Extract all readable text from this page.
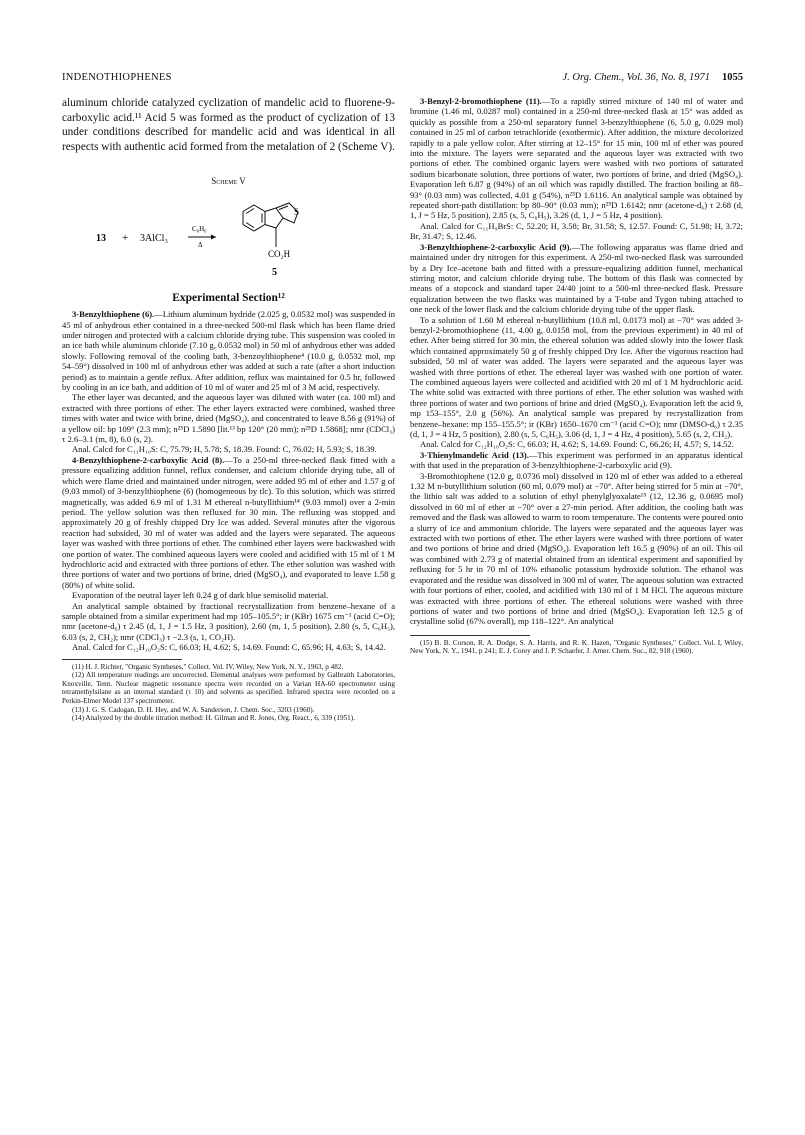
INDENOTHIOPHENES	J. Org. Chem., Vol. 36, No. 8, 1971 1055

aluminum chloride catalyzed cyclization of mandelic acid to fluorene-9-carboxylic acid.¹¹ Acid 5 was formed as the product of cyclization of 13 under conditions described for mandelic acid and was identical in all respects with authentic acid formed from the metalation of 2 (Scheme V).

Scheme V
13 + 3AlCl₃
C₆H₆
Δ
S
CO₂H
5
Experimental Section¹²

3-Benzylthiophene (6).—Lithium aluminum hydride (2.025 g, 0.0532 mol) was suspended in 45 ml of anhydrous ether contained in a three-necked 500-ml flask which has been flame dried under nitrogen and protected with a calcium chloride drying tube. This suspension was cooled in an ice bath while aluminum chloride (7.10 g, 0.0532 mol) in 50 ml of anhydrous ether was added slowly. Following removal of the cooling bath, 3-benzoylthiophene⁴ (10.0 g, 0.0532 mol, mp 54–59°) dissolved in 100 ml of anhydrous ether was added at such a rate (after a short induction period) as to maintain a gentle reflux. After addition, reflux was maintained for 0.5 hr, followed by cooling in an ice bath, and addition of 10 ml of water and 25 ml of 3 M acid, respectively.

The ether layer was decanted, and the aqueous layer was diluted with water (ca. 100 ml) and extracted with three portions of ether. The ether layers extracted were combined, washed three times with water and twice with brine, dried (MgSO₄), and concentrated to leave 8.56 g (91%) of a yellow oil: bp 109° (2.3 mm); n²⁵D 1.5890 [lit.¹³ bp 120° (20 mm); n²⁵D 1.5868]; nmr (CDCl₃) τ 2.6–3.1 (m, 8), 6.0 (s, 2).

Anal. Calcd for C₁₁H₁₀S: C, 75.79; H, 5.78; S, 18.39. Found: C, 76.02; H, 5.93; S, 18.39.

4-Benzylthiophene-2-carboxylic Acid (8).—To a 250-ml three-necked flask fitted with a pressure equalizing addition funnel, reflux condenser, and calcium chloride drying tube, all of which were flame dried and maintained under nitrogen, were added 95 ml of ether and 1.57 g of (9.03 mmol) of 3-benzylthiophene (6) (homogeneous by tlc). To this solution, which was stirred magnetically, was added 6.9 ml of 1.31 M ethereal n-butyllithium¹⁴ (9.03 mmol) over a 2-min period. The yellow solution was then refluxed for 30 min. The refluxing was stopped and approximately 20 g of freshly chipped Dry Ice was added. Several minutes after the vigorous reaction had subsided, 30 ml of water was added and the layers were separated. The aqueous layer was washed with three portions of ether. The combined ether layers were backwashed with one portion of water. The combined aqueous layers were cooled and acidified with 15 ml of 1 M hydrochloric acid and extracted with three portions of ether. The ether solution was washed with three portions of water and two portions of brine, dried (MgSO₄), and evaporated to leave 1.58 g (80%) of white solid.

Evaporation of the neutral layer left 0.24 g of dark blue semisolid material.

An analytical sample obtained by fractional recrystallization from benzene–hexane of a sample obtained from a similar experiment had mp 105–105.5°; ir (KBr) 1675 cm⁻¹ (acid C=O); nmr (acetone-d₆) τ 2.45 (d, 1, J = 1.5 Hz, 3 position), 2.60 (m, 1, 5 position), 2.80 (s, 5, C₆H₅), 6.03 (s, 2, CH₂); nmr (CDCl₃) τ −2.3 (s, 1, CO₂H).

Anal. Calcd for C₁₂H₁₀O₂S: C, 66.03; H, 4.62; S, 14.69. Found: C, 65.96; H, 4.63; S, 14.42.

(11) H. J. Richter, "Organic Syntheses," Collect. Vol. IV, Wiley, New York, N. Y., 1963, p 482.

(12) All temperature readings are uncorrected. Elemental analyses were performed by Galbraith Laboratories, Knoxville, Tenn. Nuclear magnetic resonance spectra were recorded on a Varian HA-60 spectrometer using tetramethylsilane as an internal standard (τ 10) and solvents as specified. Infrared spectra were recorded on a Perkin-Elmer Model 137 spectrometer.

(13) J. G. S. Cadogan, D. H. Hey, and W. A. Sanderson, J. Chem. Soc., 3203 (1960).

(14) Analyzed by the double titration method: H. Gilman and R. Jones, Org. React., 6, 339 (1951).

3-Benzyl-2-bromothiophene (11).—To a rapidly stirred mixture of 140 ml of water and bromine (1.46 ml, 0.0287 mol) contained in a 250-ml three-necked flask at 15° was added as quickly as possible from a 250-ml separatory funnel 3-benzylthiophene (6, 5.0 g, 0.029 mol) contained in 25 ml of carbon tetrachloride (exothermic). After addition, the mixture decolorized rapidly to a pale yellow color. After stirring at 12–15° for 15 min, 100 ml of ether was poured into the mixture. The layers were separated and the aqueous layer was extracted with two portions of ether. The combined organic layers were washed with two portions of saturated sodium bicarbonate solution, three portions of water, two portions of brine, and dried (MgSO₄). Evaporation left 6.87 g (94%) of an oil which was rapidly distilled. The fraction boiling at 88–93° (0.03 mm) was collected, 4.01 g (54%), n²⁵D 1.6116. An analytical sample was obtained by repeated short-path distillation: bp 80–90° (0.03 mm); n²⁵D 1.6142; nmr (acetone-d₆) τ 2.68 (d, 1, J = 5 Hz, 5 position), 2.85 (s, 5, C₆H₅), 3.26 (d, 1, J = 5 Hz, 4 position).

Anal. Calcd for C₁₁H₉BrS: C, 52.20; H, 3.58; Br, 31.58; S, 12.57. Found: C, 51.98; H, 3.72; Br, 31.47; S, 12.46.

3-Benzylthiophene-2-carboxylic Acid (9).—The following apparatus was flame dried and maintained under dry nitrogen for this experiment. A 250-ml two-necked flask was surrounded by a Dry Ice–acetone bath and fitted with a pressure-equalizing addition funnel, mechanical stirring motor, and calcium chloride drying tube. The bottom of this flask was connected by means of a stopcock and standard taper 24/40 joint to a 500-ml three-necked flask. Pressure equalization between the two flasks was maintained by a T-tube and Tygon tubing attached to one neck of the lower flask and the calcium chloride drying tube of the upper flask.

To a solution of 1.60 M ethereal n-butyllithium (10.8 ml, 0.0173 mol) at −70° was added 3-benzyl-2-bromothiophene (11, 4.00 g, 0.0158 mol, from the previous experiment) in 40 ml of ether. After being stirred for 30 min, the ethereal solution was added slowly into the lower flask which contained approximately 50 g of freshly chipped Dry Ice. After the vigorous reaction had subsided, 50 ml of water was added. The layers were separated and the aqueous layer was washed with three portions of ether. The ethereal layer was washed with one portion of water. The combined aqueous layers were collected and acidified with 20 ml of 1 M hydrochloric acid. The white solid was extracted with three portions of ether. The ether solution was washed with three portions of water and two portions of brine and dried (MgSO₄). Evaporation left the acid 9, mp 153–155°, 2.0 g (56%). An analytical sample was prepared by recrystallization from benzene–hexane: mp 155–155.5°; ir (KBr) 1650–1670 cm⁻¹ (acid C=O); nmr (DMSO-d₆) τ 2.35 (d, 1, J = 4 Hz, 5 position), 2.80 (s, 5, C₆H₅), 3.06 (d, 1, J = 4 Hz, 4 position), 5.65 (s, 2, CH₂).

Anal. Calcd for C₁₂H₁₀O₂S: C, 66.03; H, 4.62; S, 14.69. Found: C, 66.26; H, 4.57; S, 14.52.

3-Thienylmandelic Acid (13).—This experiment was performed in an apparatus identical with that used in the preparation of 3-benzylthiophene-2-carboxylic acid (9).

3-Bromothiophene (12.0 g, 0.0736 mol) dissolved in 120 ml of ether was added to a ethereal 1.32 M n-butyllithium solution (60 ml, 0.079 mol) at −70°. After being stirred for 5 min at −70°, the lithio salt was added to a solution of ethyl phenylglyoxalate¹⁵ (12, 12.36 g, 0.0695 mol) dissolved in 60 ml of ether at −70° over a 27-min period. After addition, the cooling bath was removed and the flask was allowed to warm to room temperature. The contents were poured onto a slurry of ice and ammonium chloride. The layers were separated and the aqueous layer was extracted with two portions of ether. The ether layers were washed with three portions of water and two portions of brine and dried (MgSO₄). Evaporation left 16.5 g (90%) of an oil. This oil was combined with 2.73 g of material obtained from an identical experiment and saponified by refluxing for 5 hr in 70 ml of 10% ethanolic potassium hydroxide solution. The ethanol was evaporated and the residue was dissolved in 300 ml of water. The aqueous solution was extracted with four portions of ether, cooled, and acidified with 130 ml of 1 M HCl. The aqueous mixture was extracted with three portions of ether. The ethereal solutions were washed with three portions of water and two portions of brine and dried (MgSO₄). Evaporation left 12.5 g of crystalline solid (67% overall), mp 118–122°. An analytical

(15) B. B. Corson, R. A. Dodge, S. A. Harris, and R. K. Hazen, "Organic Syntheses," Collect. Vol. I, Wiley, New York, N. Y., 1941, p 241; E. J. Corey and J. P. Schaefer, J. Amer. Chem. Soc., 82, 918 (1960).
